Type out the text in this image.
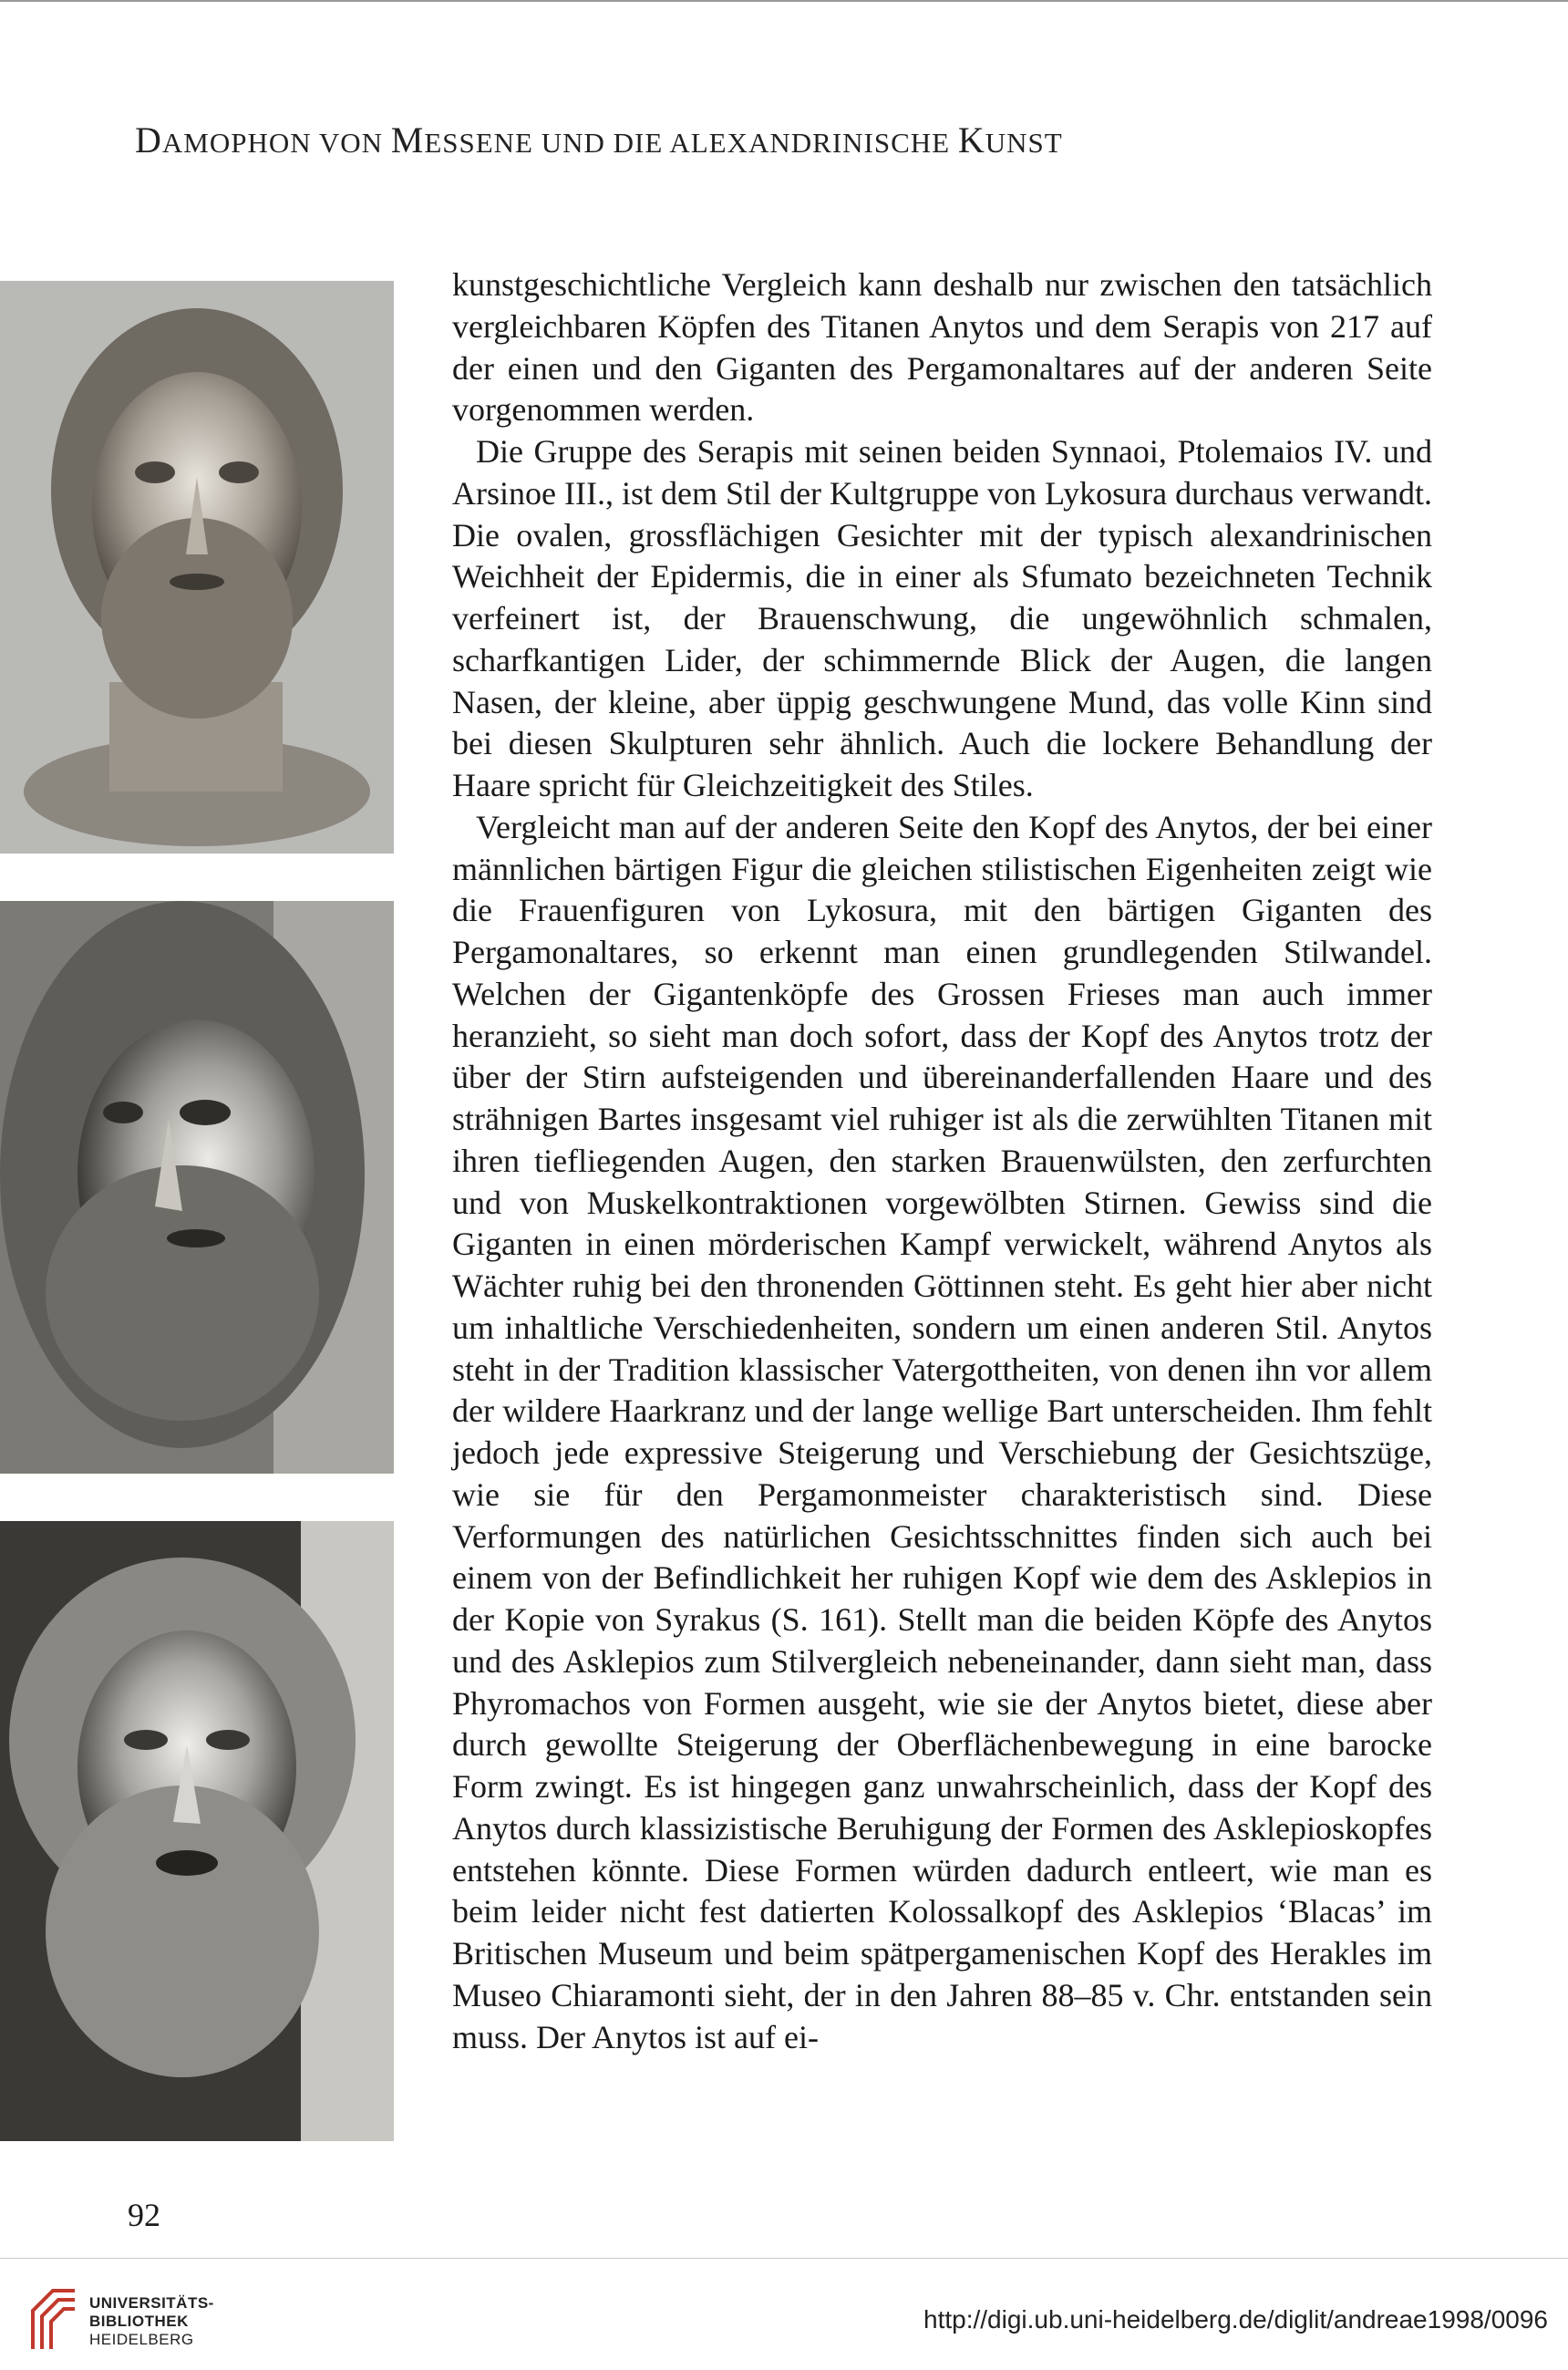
DAMOPHON VON MESSENE UND DIE ALEXANDRINISCHE KUNST

kunstgeschichtliche Vergleich kann deshalb nur zwischen den tatsächlich vergleichbaren Köpfen des Titanen Anytos und dem Serapis von 217 auf der einen und den Giganten des Pergamonaltares auf der anderen Seite vorgenommen werden.

Die Gruppe des Serapis mit seinen beiden Synnaoi, Ptolemaios IV. und Arsinoe III., ist dem Stil der Kultgruppe von Lykosura durchaus verwandt. Die ovalen, grossflächigen Gesichter mit der typisch alexandrinischen Weichheit der Epidermis, die in einer als Sfumato bezeichneten Technik verfeinert ist, der Brauenschwung, die ungewöhnlich schmalen, scharfkantigen Lider, der schimmernde Blick der Augen, die langen Nasen, der kleine, aber üppig geschwungene Mund, das volle Kinn sind bei diesen Skulpturen sehr ähnlich. Auch die lockere Behandlung der Haare spricht für Gleichzeitigkeit des Stiles.

Vergleicht man auf der anderen Seite den Kopf des Anytos, der bei einer männlichen bärtigen Figur die gleichen stilistischen Eigenheiten zeigt wie die Frauenfiguren von Lykosura, mit den bärtigen Giganten des Pergamonaltares, so erkennt man einen grundlegenden Stilwandel. Welchen der Gigantenköpfe des Grossen Frieses man auch immer heranzieht, so sieht man doch sofort, dass der Kopf des Anytos trotz der über der Stirn aufsteigenden und übereinanderfallenden Haare und des strähnigen Bartes insgesamt viel ruhiger ist als die zerwühlten Titanen mit ihren tiefliegenden Augen, den starken Brauenwülsten, den zerfurchten und von Muskelkontraktionen vorgewölbten Stirnen. Gewiss sind die Giganten in einen mörderischen Kampf verwickelt, während Anytos als Wächter ruhig bei den thronenden Göttinnen steht. Es geht hier aber nicht um inhaltliche Verschiedenheiten, sondern um einen anderen Stil. Anytos steht in der Tradition klassischer Vatergottheiten, von denen ihn vor allem der wildere Haarkranz und der lange wellige Bart unterscheiden. Ihm fehlt jedoch jede expressive Steigerung und Verschiebung der Gesichtszüge, wie sie für den Pergamonmeister charakteristisch sind. Diese Verformungen des natürlichen Gesichtsschnittes finden sich auch bei einem von der Befindlichkeit her ruhigen Kopf wie dem des Asklepios in der Kopie von Syrakus (S. 161). Stellt man die beiden Köpfe des Anytos und des Asklepios zum Stilvergleich nebeneinander, dann sieht man, dass Phyromachos von Formen ausgeht, wie sie der Anytos bietet, diese aber durch gewollte Steigerung der Oberflächenbewegung in eine barocke Form zwingt. Es ist hingegen ganz unwahrscheinlich, dass der Kopf des Anytos durch klassizistische Beruhigung der Formen des Asklepioskopfes entstehen könnte. Diese Formen würden dadurch entleert, wie man es beim leider nicht fest datierten Kolossalkopf des Asklepios ‘Blacas’ im Britischen Museum und beim spätpergamenischen Kopf des Herakles im Museo Chiaramonti sieht, der in den Jahren 88–85 v. Chr. entstanden sein muss. Der Anytos ist auf ei-

92
UNIVERSITÄTS-
BIBLIOTHEK
HEIDELBERG
http://digi.ub.uni-heidelberg.de/diglit/andreae1998/0096
